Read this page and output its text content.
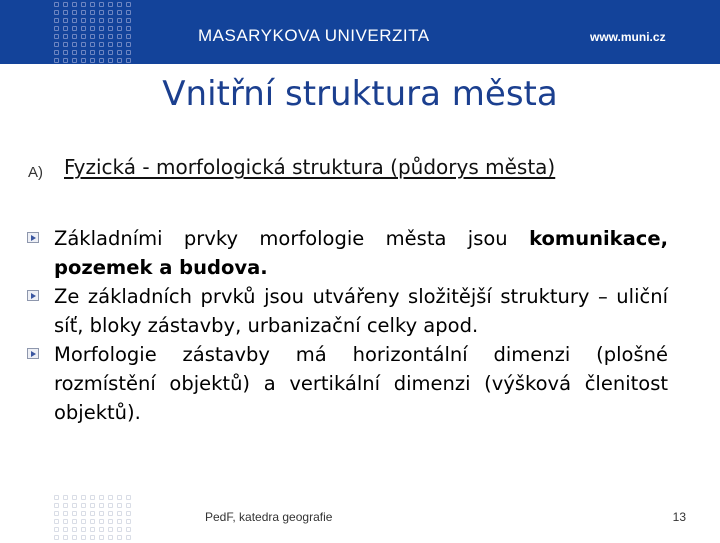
MASARYKOVA UNIVERZITA	www.muni.cz
Vnitřní struktura města
A) Fyzická - morfologická struktura (půdorys města)

Základními prvky morfologie města jsou komunikace, pozemek a budova.

Ze základních prvků jsou utvářeny složitější struktury – uliční síť, bloky zástavby, urbanizační celky apod.

Morfologie zástavby má horizontální dimenzi (plošné rozmístění objektů) a vertikální dimenzi (výšková členitost objektů).

PedF, katedra geografie	13
